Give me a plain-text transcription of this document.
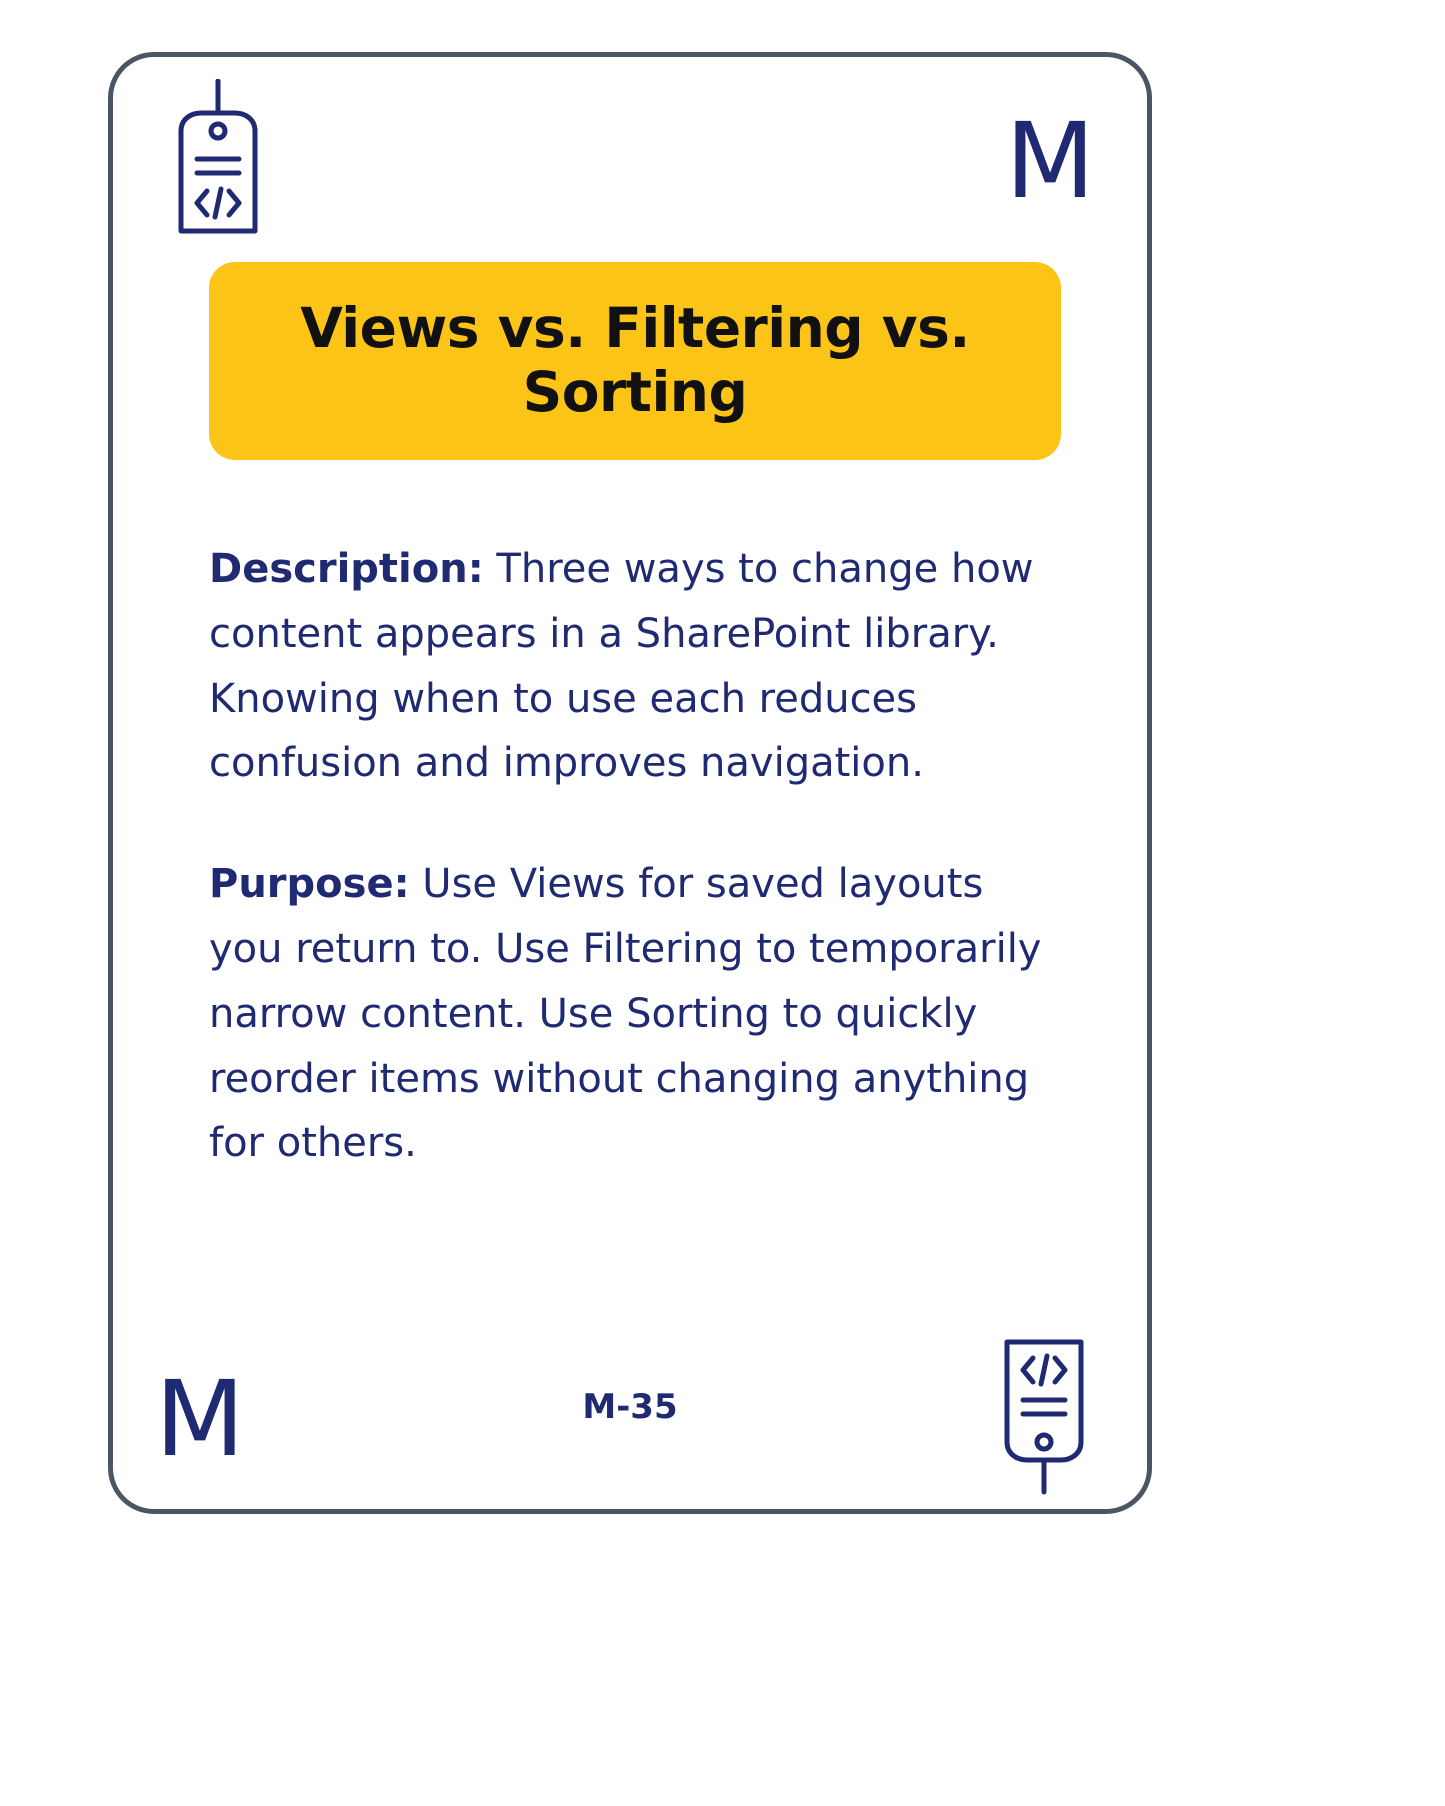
M
Views vs. Filtering vs. Sorting

Description: Three ways to change how content appears in a SharePoint library. Knowing when to use each reduces confusion and improves navigation.

Purpose: Use Views for saved layouts you return to. Use Filtering to temporarily narrow content. Use Sorting to quickly reorder items without changing anything for others.

M	M-35
